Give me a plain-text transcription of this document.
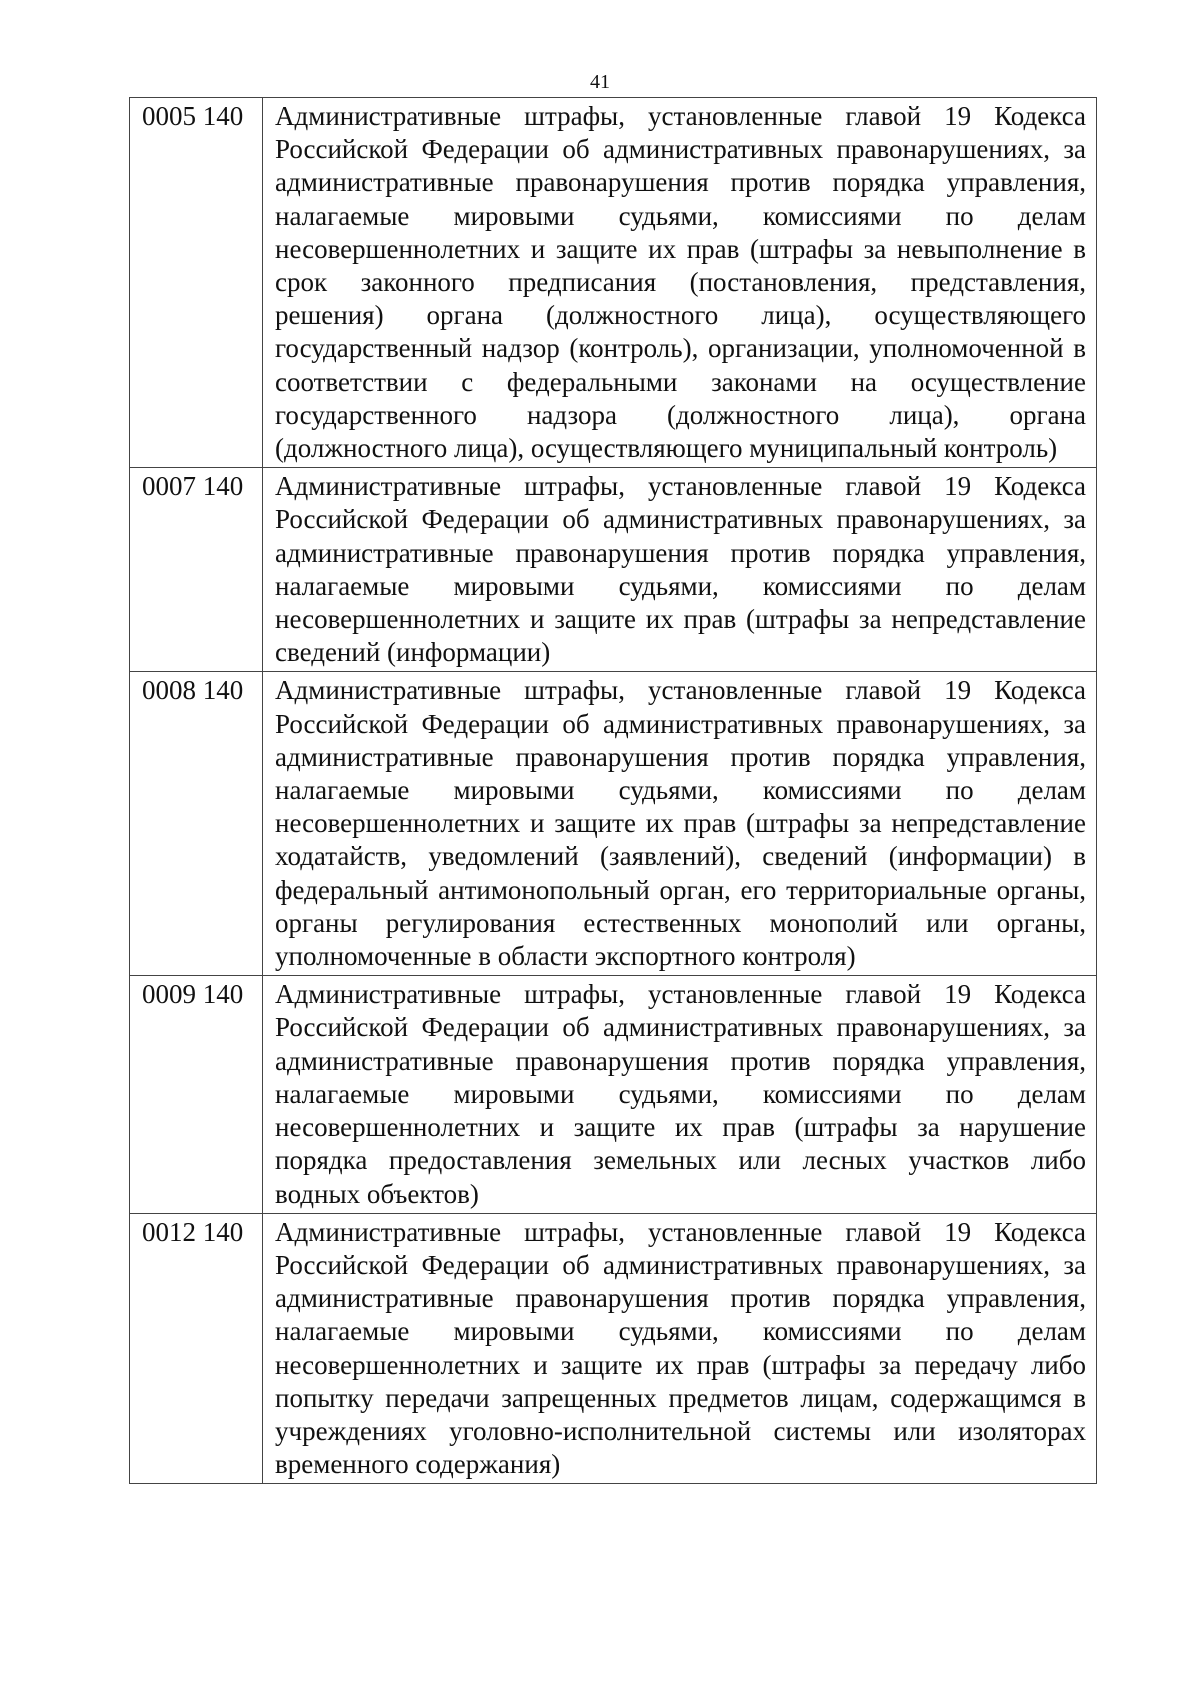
41
0005 140	Административные штрафы, установленные главой 19 Кодекса Российской Федерации об административных правонарушениях, за административные правонарушения против порядка управления, налагаемые мировыми судьями, комиссиями по делам несовершеннолетних и защите их прав (штрафы за невыполнение в срок законного предписания (постановления, представления, решения) органа (должностного лица), осуществляющего государственный надзор (контроль), организации, уполномоченной в соответствии с федеральными законами на осуществление государственного надзора (должностного лица), органа (должностного лица), осуществляющего муниципальный контроль)
0007 140	Административные штрафы, установленные главой 19 Кодекса Российской Федерации об административных правонарушениях, за административные правонарушения против порядка управления, налагаемые мировыми судьями, комиссиями по делам несовершеннолетних и защите их прав (штрафы за непредставление сведений (информации)
0008 140	Административные штрафы, установленные главой 19 Кодекса Российской Федерации об административных правонарушениях, за административные правонарушения против порядка управления, налагаемые мировыми судьями, комиссиями по делам несовершеннолетних и защите их прав (штрафы за непредставление ходатайств, уведомлений (заявлений), сведений (информации) в федеральный антимонопольный орган, его территориальные органы, органы регулирования естественных монополий или органы, уполномоченные в области экспортного контроля)
0009 140	Административные штрафы, установленные главой 19 Кодекса Российской Федерации об административных правонарушениях, за административные правонарушения против порядка управления, налагаемые мировыми судьями, комиссиями по делам несовершеннолетних и защите их прав (штрафы за нарушение порядка предоставления земельных или лесных участков либо водных объектов)
0012 140	Административные штрафы, установленные главой 19 Кодекса Российской Федерации об административных правонарушениях, за административные правонарушения против порядка управления, налагаемые мировыми судьями, комиссиями по делам несовершеннолетних и защите их прав (штрафы за передачу либо попытку передачи запрещенных предметов лицам, содержащимся в учреждениях уголовно-исполнительной системы или изоляторах временного содержания)
